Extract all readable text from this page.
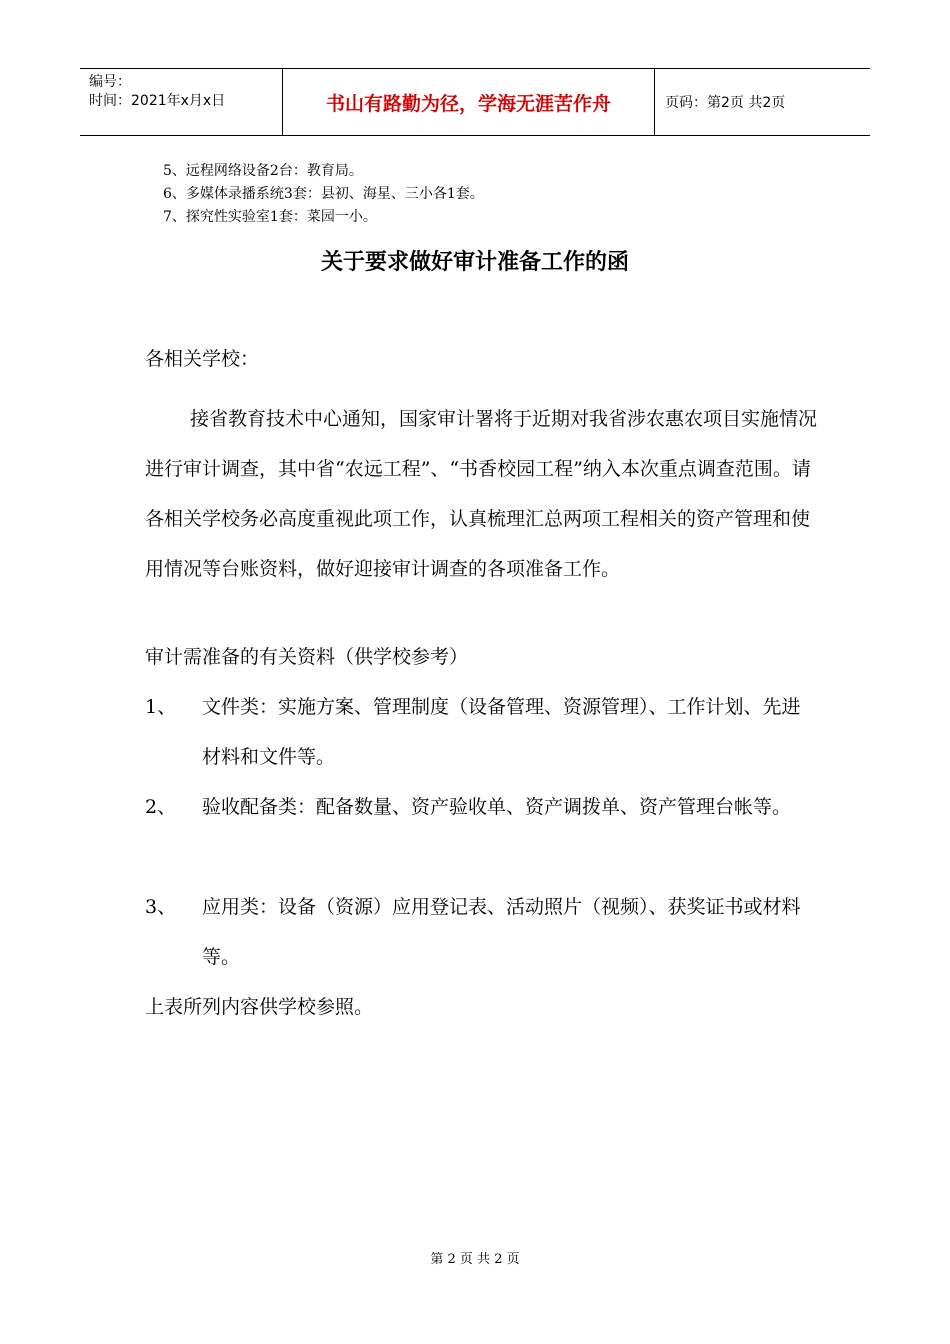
编号：
时间：2021年x月x日	书山有路勤为径，学海无涯苦作舟	页码：第2页 共2页
5、远程网络设备2台：教育局。
6、多媒体录播系统3套：县初、海星、三小各1套。
7、探究性实验室1套：菜园一小。
关于要求做好审计准备工作的函
各相关学校：
接省教育技术中心通知，国家审计署将于近期对我省涉农惠农项目实施情况进行审计调查，其中省“农远工程”、“书香校园工程”纳入本次重点调查范围。请各相关学校务必高度重视此项工作，认真梳理汇总两项工程相关的资产管理和使用情况等台账资料，做好迎接审计调查的各项准备工作。
审计需准备的有关资料（供学校参考）
1、 文件类：实施方案、管理制度（设备管理、资源管理）、工作计划、先进材料和文件等。
2、 验收配备类：配备数量、资产验收单、资产调拨单、资产管理台帐等。
3、 应用类：设备（资源）应用登记表、活动照片（视频）、获奖证书或材料等。
上表所列内容供学校参照。
第 2 页 共 2 页
